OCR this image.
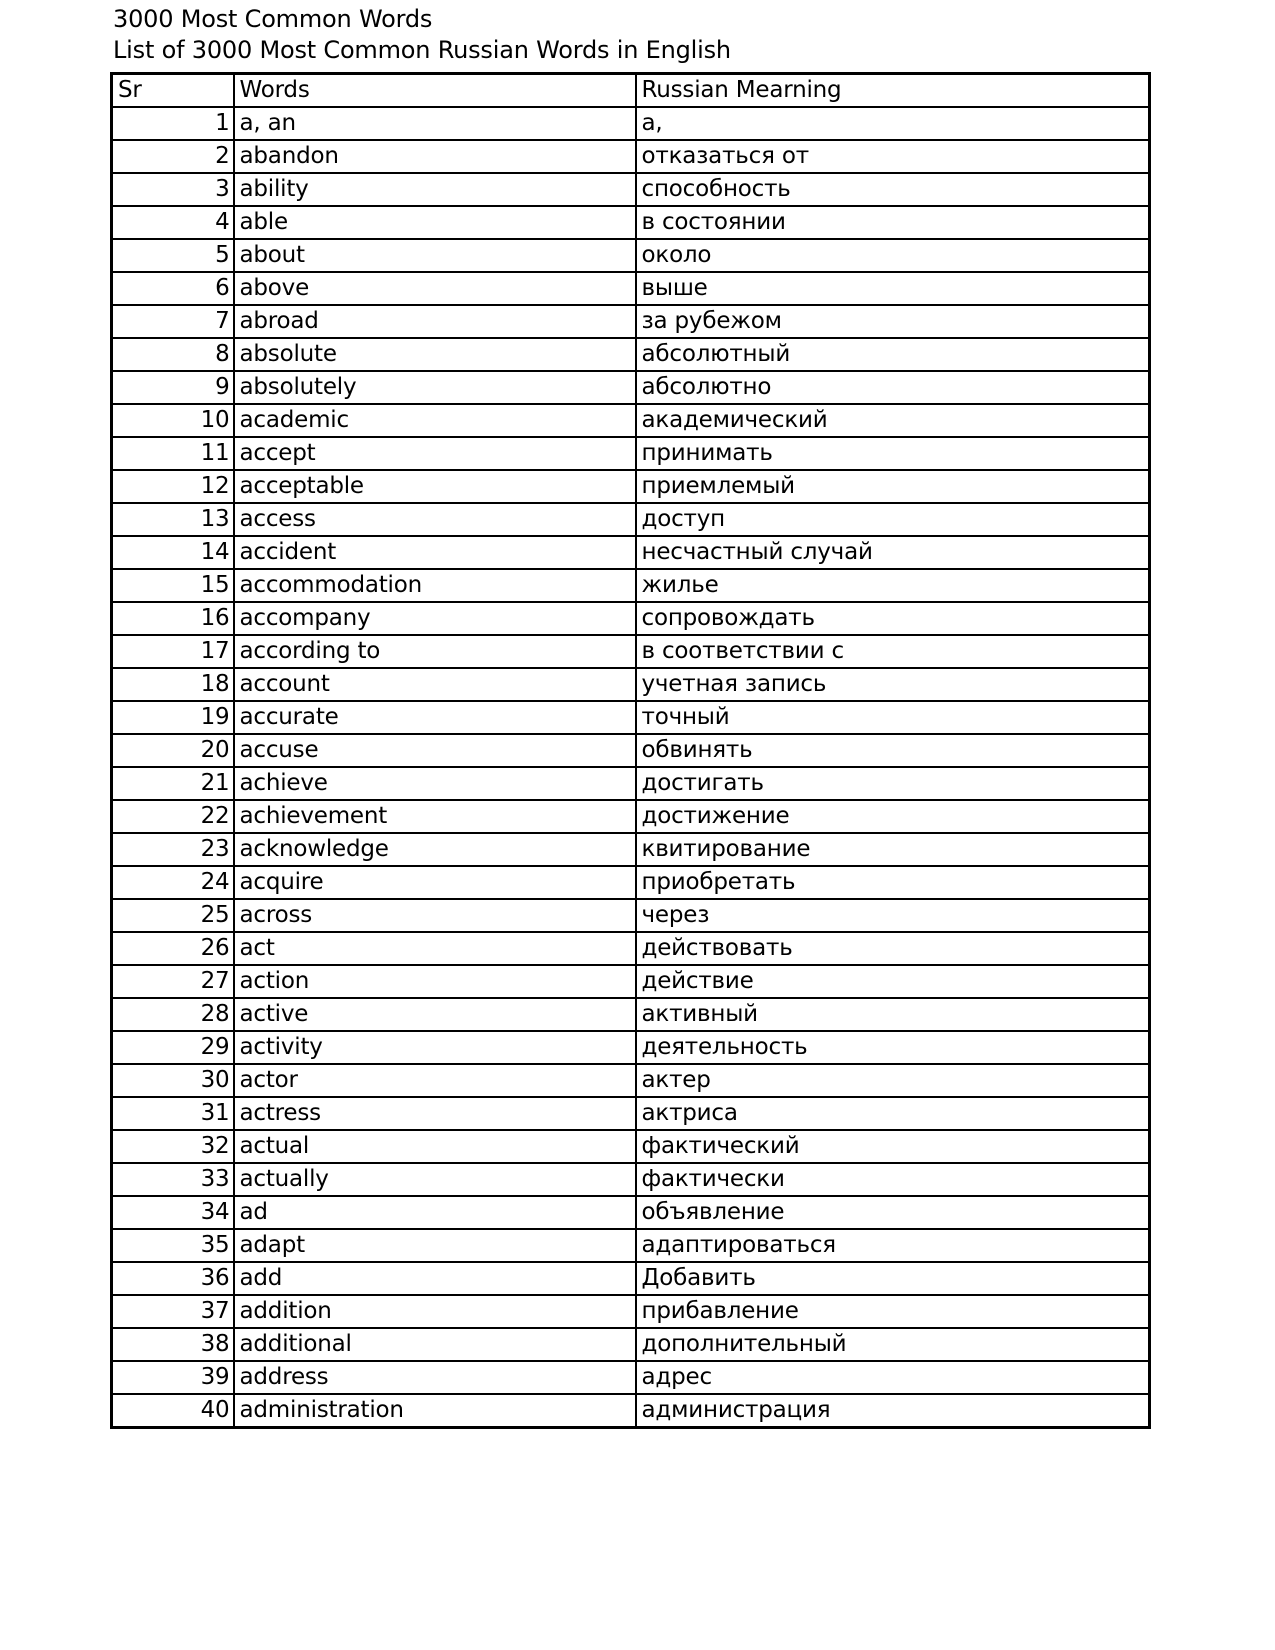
3000 Most Common Words
List of 3000 Most Common Russian Words in English
Sr	Words	Russian Mearning
1	a, an	a,
2	abandon	отказаться от
3	ability	способность
4	able	в состоянии
5	about	около
6	above	выше
7	abroad	за рубежом
8	absolute	абсолютный
9	absolutely	абсолютно
10	academic	академический
11	accept	принимать
12	acceptable	приемлемый
13	access	доступ
14	accident	несчастный случай
15	accommodation	жилье
16	accompany	сопровождать
17	according to	в соответствии с
18	account	учетная запись
19	accurate	точный
20	accuse	обвинять
21	achieve	достигать
22	achievement	достижение
23	acknowledge	квитирование
24	acquire	приобретать
25	across	через
26	act	действовать
27	action	действие
28	active	активный
29	activity	деятельность
30	actor	актер
31	actress	актриса
32	actual	фактический
33	actually	фактически
34	ad	объявление
35	adapt	адаптироваться
36	add	Добавить
37	addition	прибавление
38	additional	дополнительный
39	address	адрес
40	administration	администрация
